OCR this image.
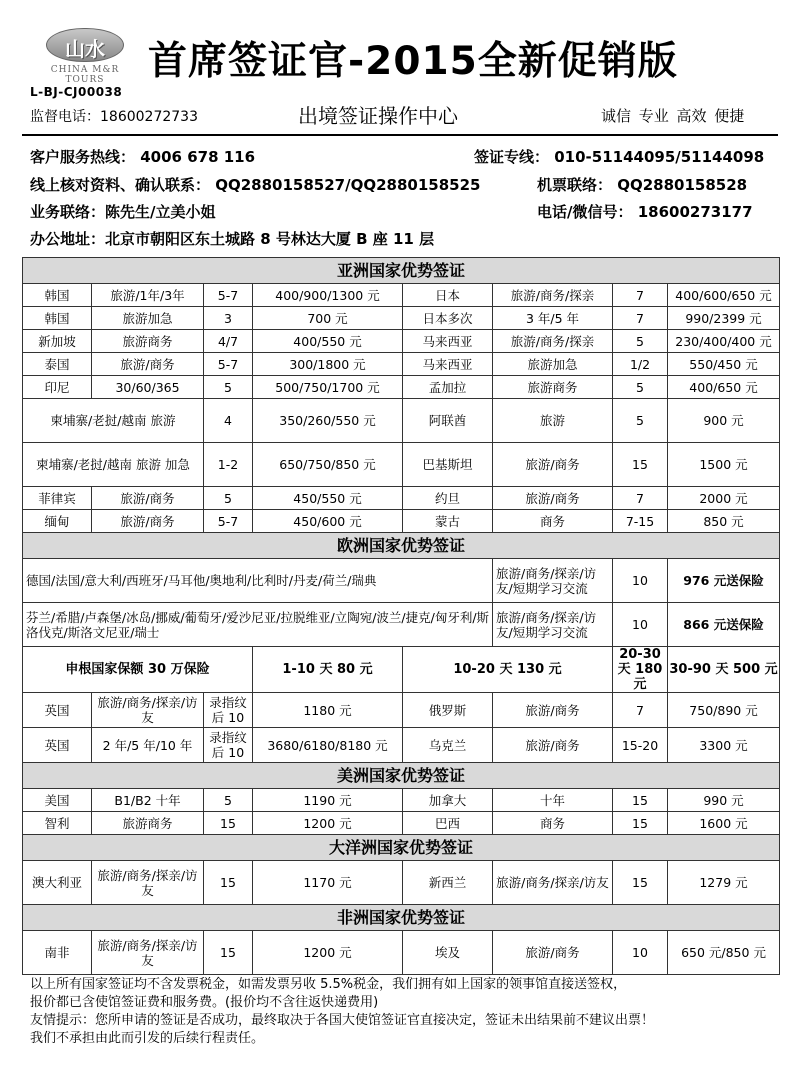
山水
CHINA M&R TOURS
L-BJ-CJ00038
首席签证官-2015全新促销版
监督电话：18600272733	出境签证操作中心	诚信 专业 高效 便捷
客户服务热线： 4006 678 116	签证专线： 010-51144095/51144098
线上核对资料、确认联系： QQ2880158527/QQ2880158525	机票联络： QQ2880158528
业务联络：陈先生/立美小姐	电话/微信号： 18600273177
办公地址：北京市朝阳区东土城路 8 号林达大厦 B 座 11 层
亚洲国家优势签证							
韩国	旅游/1年/3年	5-7	400/900/1300 元	日本	旅游/商务/探亲	7	400/600/650 元
韩国	旅游加急	3	700 元	日本多次	3 年/5 年	7	990/2399 元
新加坡	旅游商务	4/7	400/550 元	马来西亚	旅游/商务/探亲	5	230/400/400 元
泰国	旅游/商务	5-7	300/1800 元	马来西亚	旅游加急	1/2	550/450 元
印尼	30/60/365	5	500/750/1700 元	孟加拉	旅游商务	5	400/650 元
柬埔寨/老挝/越南 旅游		4	350/260/550 元	阿联酋	旅游	5	900 元
柬埔寨/老挝/越南 旅游 加急		1-2	650/750/850 元	巴基斯坦	旅游/商务	15	1500 元
菲律宾	旅游/商务	5	450/550 元	约旦	旅游/商务	7	2000 元
缅甸	旅游/商务	5-7	450/600 元	蒙古	商务	7-15	850 元
欧洲国家优势签证							
德国/法国/意大利/西班牙/马耳他/奥地利/比利时/丹麦/荷兰/瑞典					旅游/商务/探亲/访友/短期学习交流	10	976 元送保险
芬兰/希腊/卢森堡/冰岛/挪威/葡萄牙/爱沙尼亚/拉脱维亚/立陶宛/波兰/捷克/匈牙利/斯洛伐克/斯洛文尼亚/瑞士					旅游/商务/探亲/访友/短期学习交流	10	866 元送保险
申根国家保额 30 万保险			1-10 天 80 元	10-20 天 130 元		20-30 天 180 元	30-90 天 500 元
英国	旅游/商务/探亲/访友	录指纹后 10	1180 元	俄罗斯	旅游/商务	7	750/890 元
英国	2 年/5 年/10 年	录指纹后 10	3680/6180/8180 元	乌克兰	旅游/商务	15-20	3300 元
美洲国家优势签证							
美国	B1/B2 十年	5	1190 元	加拿大	十年	15	990 元
智利	旅游商务	15	1200 元	巴西	商务	15	1600 元
大洋洲国家优势签证							
澳大利亚	旅游/商务/探亲/访友	15	1170 元	新西兰	旅游/商务/探亲/访友	15	1279 元
非洲国家优势签证							
南非	旅游/商务/探亲/访友	15	1200 元	埃及	旅游/商务	10	650 元/850 元
以上所有国家签证均不含发票税金，如需发票另收 5.5%税金，我们拥有如上国家的领事馆直接送签权，
报价都已含使馆签证费和服务费。(报价均不含往返快递费用)
友情提示：您所申请的签证是否成功，最终取决于各国大使馆签证官直接决定，签证未出结果前不建议出票！
我们不承担由此而引发的后续行程责任。
